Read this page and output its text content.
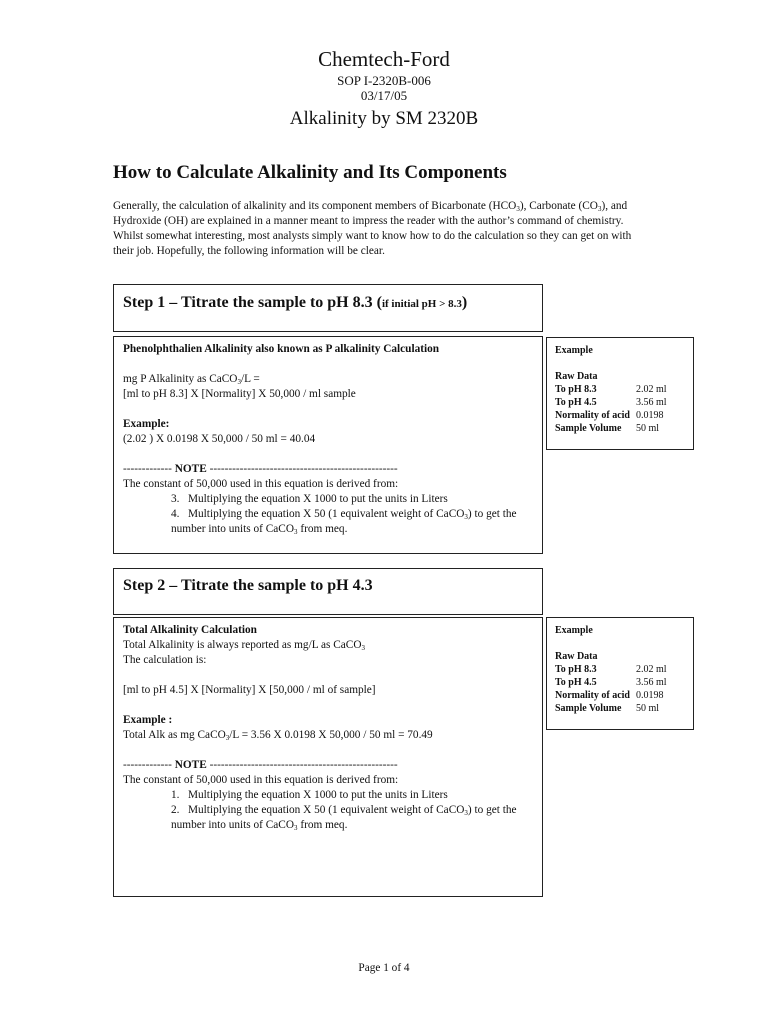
Chemtech-Ford
SOP I-2320B-006
03/17/05
Alkalinity by SM 2320B
How to Calculate Alkalinity and Its Components
Generally, the calculation of alkalinity and its component members of Bicarbonate $(HCO_3)$, Carbonate $(CO_3)$, and Hydroxide (OH) are explained in a manner meant to impress the reader with the author’s command of chemistry. Whilst somewhat interesting, most analysts simply want to know how to do the calculation so they can get on with their job. Hopefully, the following information will be clear.
Step 1 – Titrate the sample to pH 8.3 (if initial pH > 8.3)

Phenolphthalien Alkalinity also known as P alkalinity Calculation

mg P Alkalinity as CaCO$_3$/L =

[ml to pH 8.3] X [Normality] X 50,000 / ml sample

Example:

(2.02 ) X 0.0198 X 50,000 / 50 ml = 40.04

------------- NOTE --------------------------------------------------

The constant of 50,000 used in this equation is derived from:

3. Multiplying the equation X 1000 to put the units in Liters
4. Multiplying the equation X 50 (1 equivalent weight of CaCO$_3$) to get the number into units of CaCO$_3$ from meq.
Example
Raw Data
To pH 8.3	2.02 ml
To pH 4.5	3.56 ml
Normality of acid	0.0198
Sample Volume	50 ml
Step 2 – Titrate the sample to pH 4.3

Total Alkalinity Calculation

Total Alkalinity is always reported as mg/L as CaCO$_3$

The calculation is:

[ml to pH 4.5] X [Normality] X [50,000 / ml of sample]

Example :

Total Alk as mg CaCO$_3$/L = 3.56 X 0.0198 X 50,000 / 50 ml = 70.49

------------- NOTE --------------------------------------------------

The constant of 50,000 used in this equation is derived from:

1. Multiplying the equation X 1000 to put the units in Liters
2. Multiplying the equation X 50 (1 equivalent weight of CaCO$_3$) to get the number into units of CaCO$_3$ from meq.
Example
Raw Data
To pH 8.3	2.02 ml
To pH 4.5	3.56 ml
Normality of acid	0.0198
Sample Volume	50 ml
Page 1 of 4
